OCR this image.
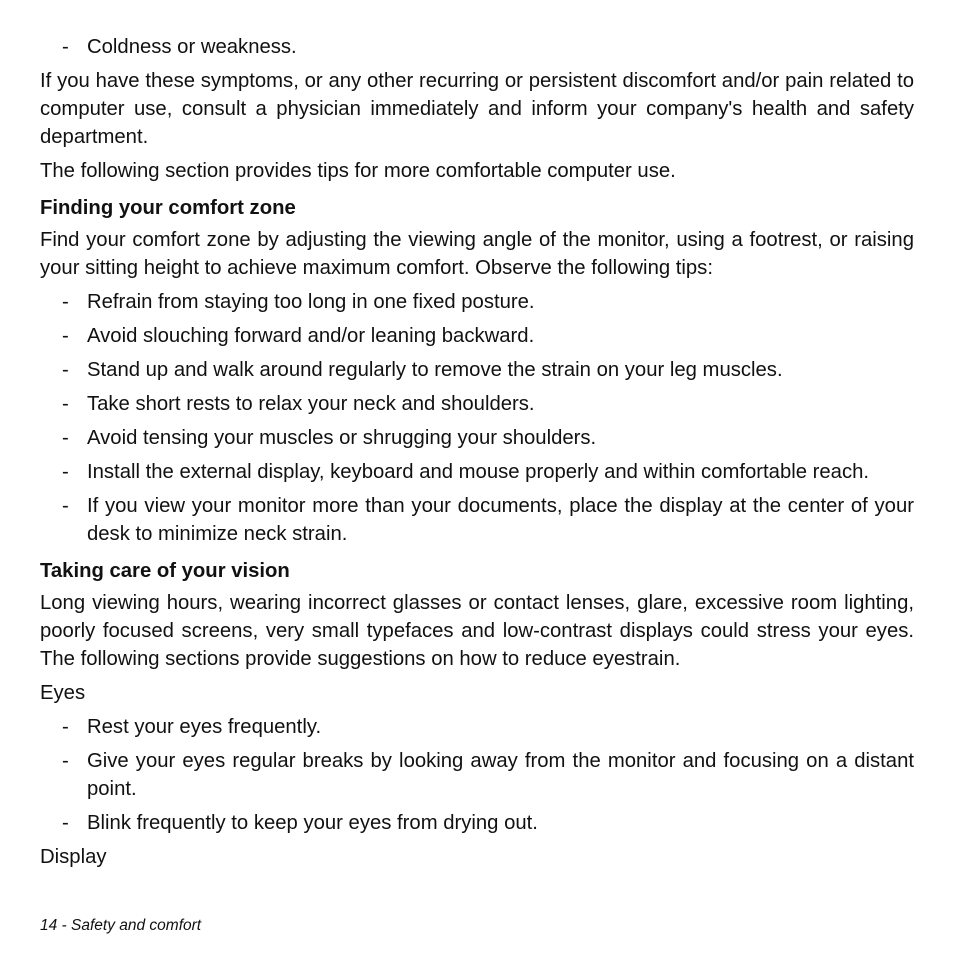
- Coldness or weakness.

If you have these symptoms, or any other recurring or persistent discomfort and/or pain related to computer use, consult a physician immediately and inform your company's health and safety department.

The following section provides tips for more comfortable computer use.

Finding your comfort zone

Find your comfort zone by adjusting the viewing angle of the monitor, using a footrest, or raising your sitting height to achieve maximum comfort. Observe the following tips:

- Refrain from staying too long in one fixed posture.
- Avoid slouching forward and/or leaning backward.
- Stand up and walk around regularly to remove the strain on your leg muscles.
- Take short rests to relax your neck and shoulders.
- Avoid tensing your muscles or shrugging your shoulders.
- Install the external display, keyboard and mouse properly and within comfortable reach.
- If you view your monitor more than your documents, place the display at the center of your desk to minimize neck strain.
Taking care of your vision

Long viewing hours, wearing incorrect glasses or contact lenses, glare, excessive room lighting, poorly focused screens, very small typefaces and low-contrast displays could stress your eyes. The following sections provide suggestions on how to reduce eyestrain.

Eyes
- Rest your eyes frequently.
- Give your eyes regular breaks by looking away from the monitor and focusing on a distant point.
- Blink frequently to keep your eyes from drying out.
Display
14 - Safety and comfort
